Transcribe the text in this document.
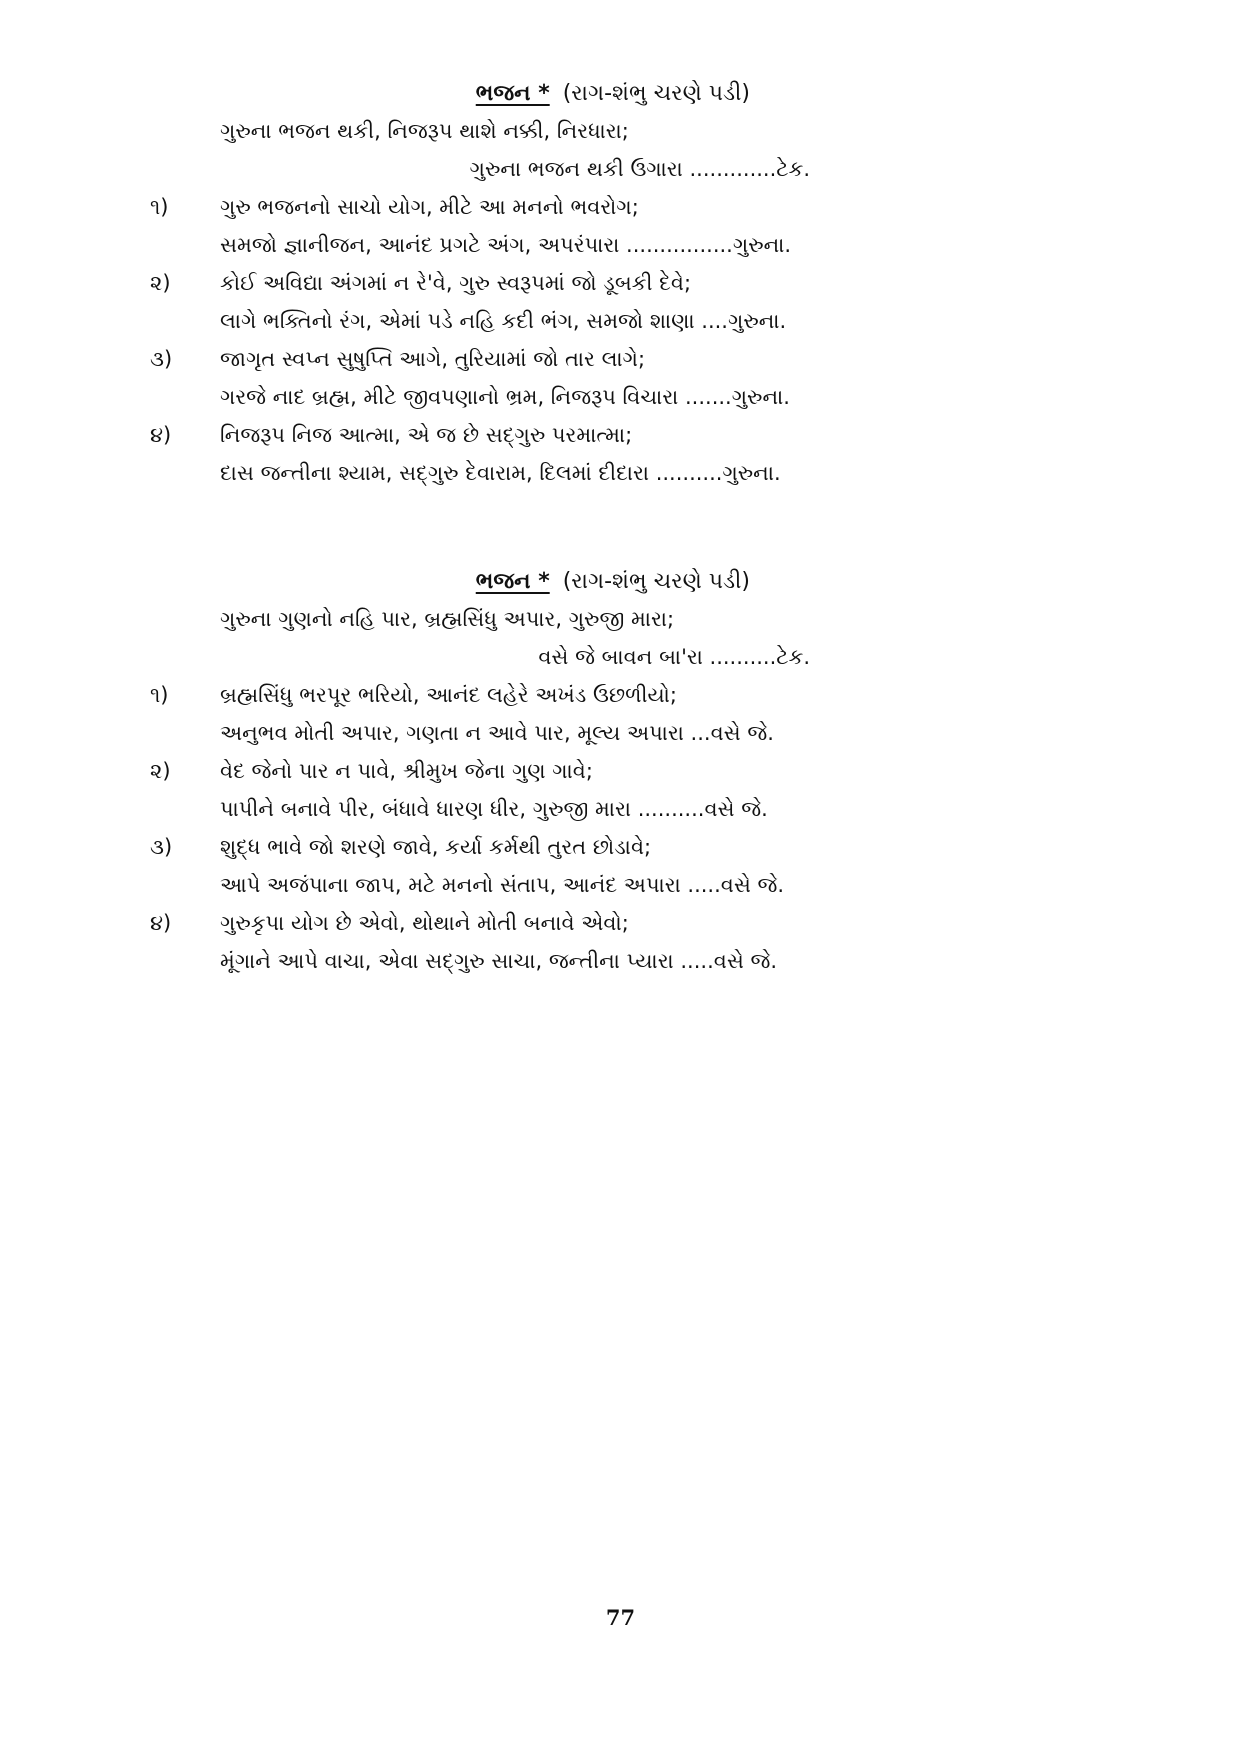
ભજન * (રાગ-શંભુ ચરણે પડી)
ગુરુના ભજન થકી, નિજરૂપ થાશે નક્કી, નિરધારા;
ગુરુના ભજન થકી ઉગારા .............ટેક.
૧)	ગુરુ ભજનનો સાચો યોગ, મીટે આ મનનો ભવરોગ;
સમજો જ્ઞાનીજન, આનંદ પ્રગટે અંગ, અપરંપારા ................ગુરુના.
૨)	કોઈ અવિદ્યા અંગમાં ન રે'વે, ગુરુ સ્વરૂપમાં જો ડૂબકી દેવે;
લાગે ભક્તિનો રંગ, એમાં પડે નહિ કદી ભંગ, સમજો શાણા ....ગુરુના.
૩)	જાગૃત સ્વપ્ન સુષુપ્તિ આગે, તુરિયામાં જો તાર લાગે;
ગરજે નાદ બ્રહ્મ, મીટે જીવપણાનો ભ્રમ, નિજરૂપ વિચારા .......ગુરુના.
૪)	નિજરૂપ નિજ આત્મા, એ જ છે સદ્‌ગુરુ પરમાત્મા;
દાસ જન્તીના શ્યામ, સદ્‌ગુરુ દેવારામ, દિલમાં દીદારા ..........ગુરુના.
ભજન * (રાગ-શંભુ ચરણે પડી)
ગુરુના ગુણનો નહિ પાર, બ્રહ્મસિંધુ અપાર, ગુરુજી મારા;
વસે જે બાવન બા'રા ..........ટેક.
૧)	બ્રહ્મસિંધુ ભરપૂર ભરિયો, આનંદ લહેરે અખંડ ઉછળીયો;
અનુભવ મોતી અપાર, ગણતા ન આવે પાર, મૂલ્ય અપારા ...વસે જે.
૨)	વેદ જેનો પાર ન પાવે, શ્રીમુખ જેના ગુણ ગાવે;
પાપીને બનાવે પીર, બંધાવે ધારણ ધીર, ગુરુજી મારા ..........વસે જે.
૩)	શુદ્ધ ભાવે જો શરણે જાવે, કર્યા કર્મથી તુરત છોડાવે;
આપે અજંપાના જાપ, મટે મનનો સંતાપ, આનંદ અપારા .....વસે જે.
૪)	ગુરુકૃપા યોગ છે એવો, થોથાને મોતી બનાવે એવો;
મૂંગાને આપે વાચા, એવા સદ્‌ગુરુ સાચા, જન્તીના પ્યારા .....વસે જે.
77
